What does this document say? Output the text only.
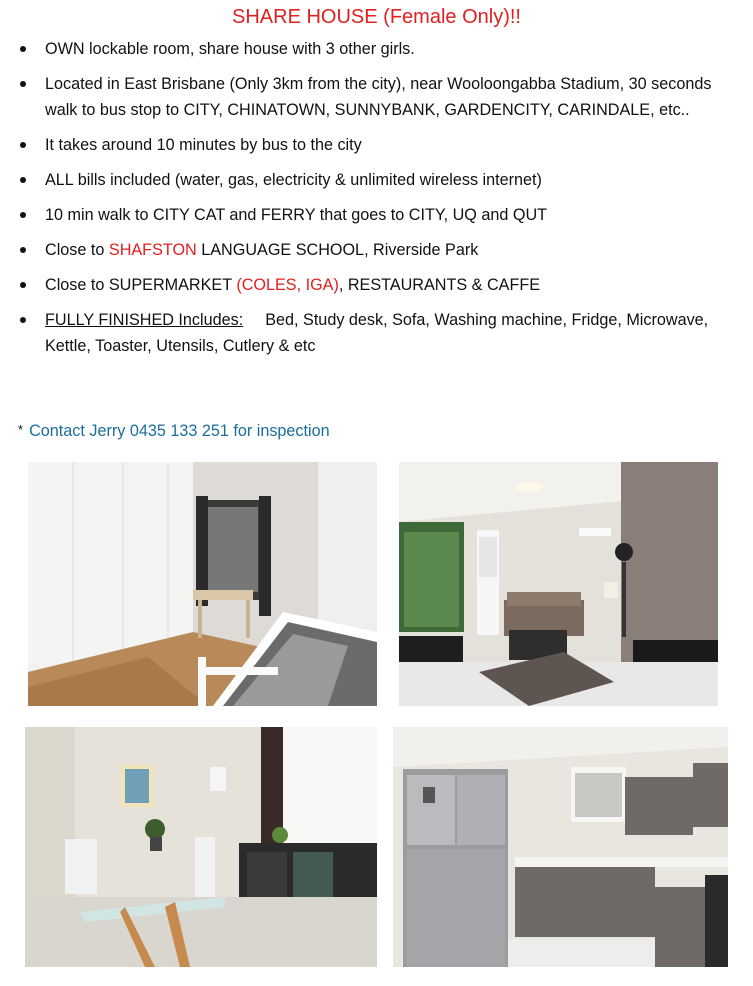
SHARE HOUSE (Female Only)!!
OWN lockable room, share house with 3 other girls.
Located in East Brisbane (Only 3km from the city), near Wooloongabba Stadium, 30 seconds walk to bus stop to CITY, CHINATOWN, SUNNYBANK, GARDENCITY, CARINDALE, etc..
It takes around 10 minutes by bus to the city
ALL bills included (water, gas, electricity & unlimited wireless internet)
10 min walk to CITY CAT and FERRY that goes to CITY, UQ and QUT
Close to SHAFSTON LANGUAGE SCHOOL, Riverside Park
Close to SUPERMARKET (COLES, IGA), RESTAURANTS & CAFFE
FULLY FINISHED Includes: Bed, Study desk, Sofa, Washing machine, Fridge, Microwave, Kettle, Toaster, Utensils, Cutlery & etc
* Contact Jerry 0435 133 251 for inspection
